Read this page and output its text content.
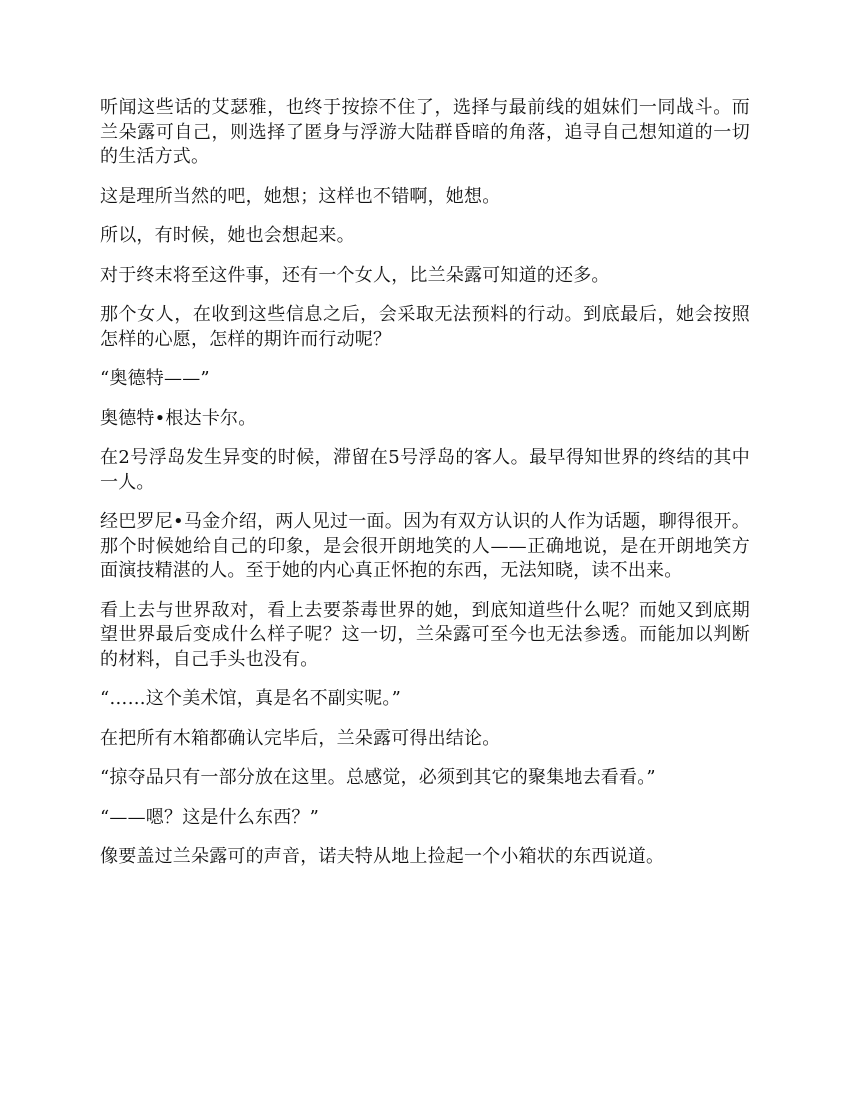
听闻这些话的艾瑟雅，也终于按捺不住了，选择与最前线的姐妹们一同战斗。而兰朵露可自己，则选择了匿身与浮游大陆群昏暗的角落，追寻自己想知道的一切的生活方式。

这是理所当然的吧，她想；这样也不错啊，她想。

所以，有时候，她也会想起来。

对于终末将至这件事，还有一个女人，比兰朵露可知道的还多。

那个女人，在收到这些信息之后，会采取无法预料的行动。到底最后，她会按照怎样的心愿，怎样的期许而行动呢？

“奥德特——”

奥德特•根达卡尔。

在2号浮岛发生异变的时候，滞留在5号浮岛的客人。最早得知世界的终结的其中一人。

经巴罗尼•马金介绍，两人见过一面。因为有双方认识的人作为话题，聊得很开。那个时候她给自己的印象，是会很开朗地笑的人——正确地说，是在开朗地笑方面演技精湛的人。至于她的内心真正怀抱的东西，无法知晓，读不出来。

看上去与世界敌对，看上去要荼毒世界的她，到底知道些什么呢？而她又到底期望世界最后变成什么样子呢？这一切，兰朵露可至今也无法参透。而能加以判断的材料，自己手头也没有。

“……这个美术馆，真是名不副实呢。”

在把所有木箱都确认完毕后，兰朵露可得出结论。

“掠夺品只有一部分放在这里。总感觉，必须到其它的聚集地去看看。”

“——嗯？这是什么东西？”

像要盖过兰朵露可的声音，诺夫特从地上捡起一个小箱状的东西说道。
